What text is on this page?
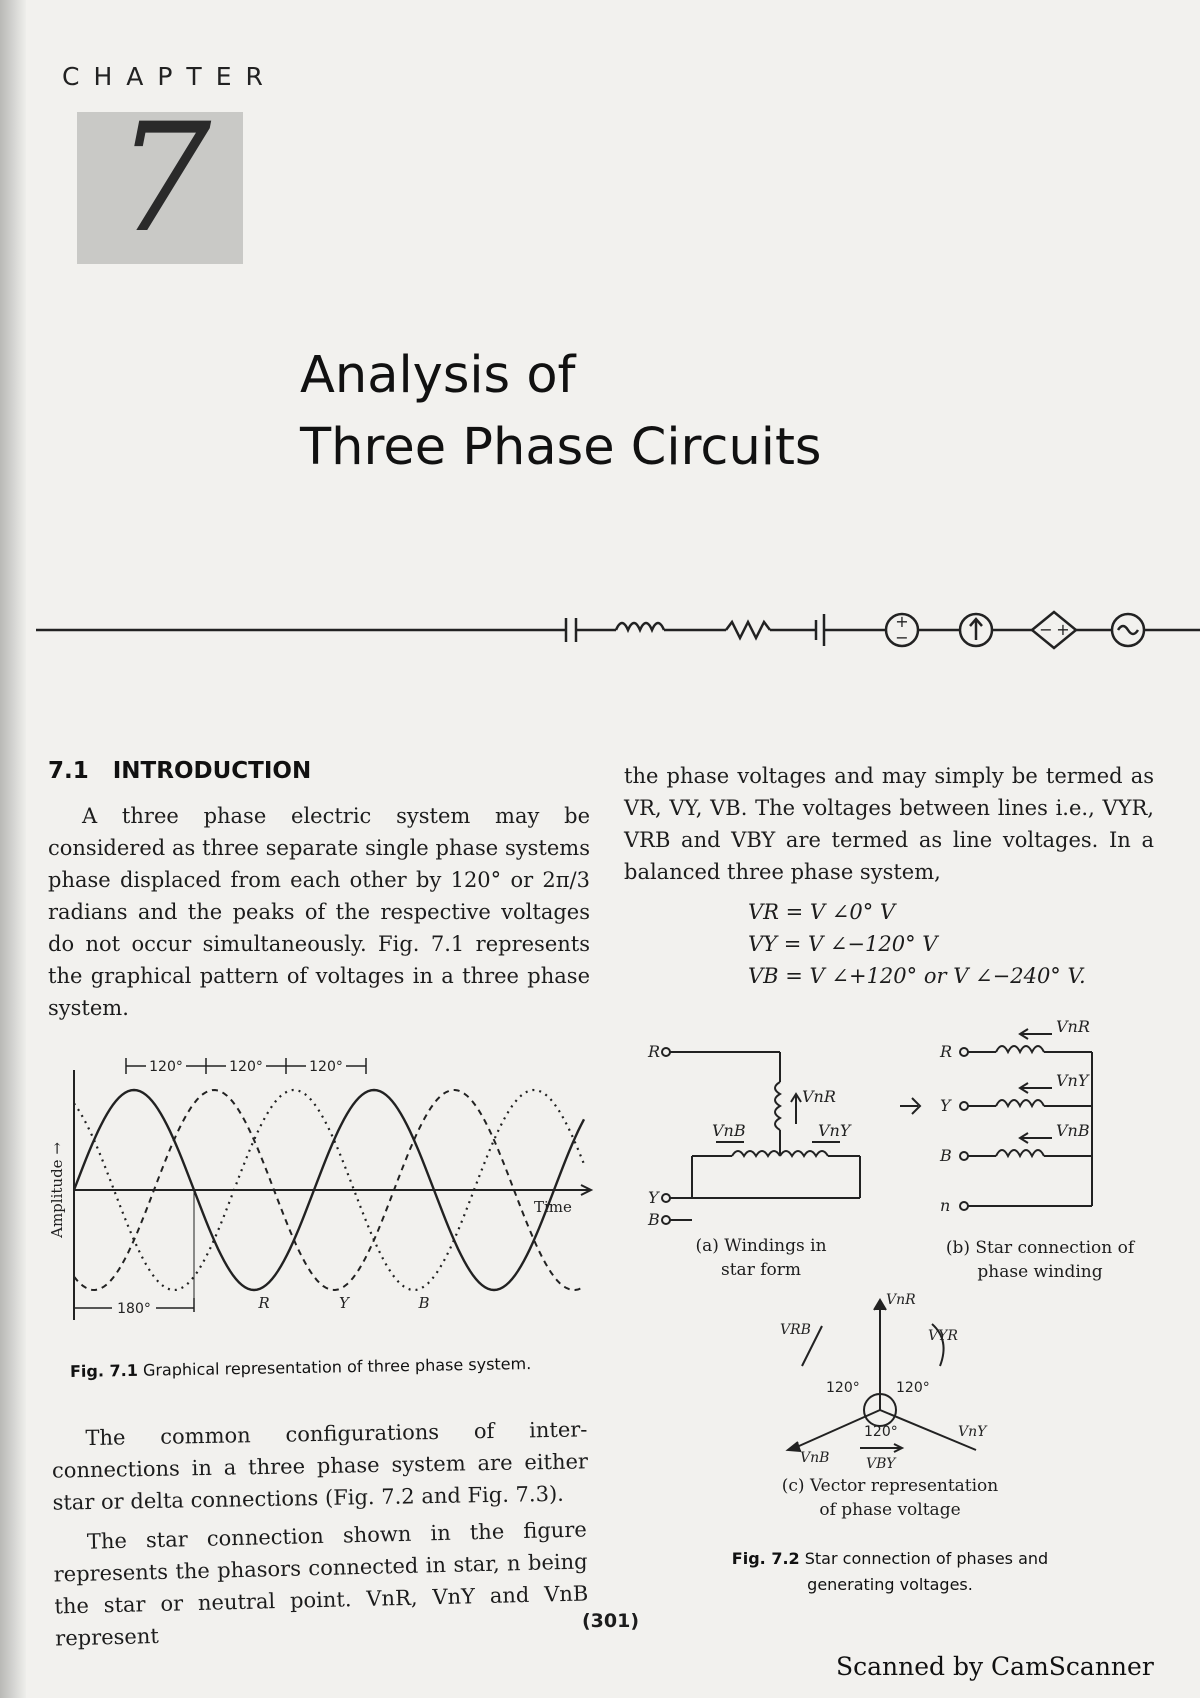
CHAPTER
7
Analysis of
Three Phase Circuits
+
−	− +
7.1 INTRODUCTION

A three phase electric system may be considered as three separate single phase systems phase displaced from each other by 120° or 2π/3 radians and the peaks of the respective voltages do not occur simultaneously. Fig. 7.1 represents the graphical pattern of voltages in a three phase system.

120°	120°	120°
180°	R	Y	B
Time
Amplitude →
Fig. 7.1 Graphical representation of three phase system.

The common configurations of inter-connections in a three phase system are either star or delta connections (Fig. 7.2 and Fig. 7.3).

The star connection shown in the figure represents the phasors connected in star, n being the star or neutral point. VnR, VnY and VnB represent

the phase voltages and may simply be termed as VR, VY, VB. The voltages between lines i.e., VYR, VRB and VBY are termed as line voltages. In a balanced three phase system,

VR = V ∠0° V
VY = V ∠−120° V
VB = V ∠+120° or V ∠−240° V.
R
Y
B
VnR
VnB	VnY
R
Y
B
n
VnR
VnY
VnB
(a) Windings in
star form
(b) Star connection of
phase winding
120°	120°
120°
VnR
VRB	VYR
VnY
VnB	VBY
(c) Vector representation
of phase voltage
Fig. 7.2 Star connection of phases and generating voltages.
(301)
Scanned by CamScanner
